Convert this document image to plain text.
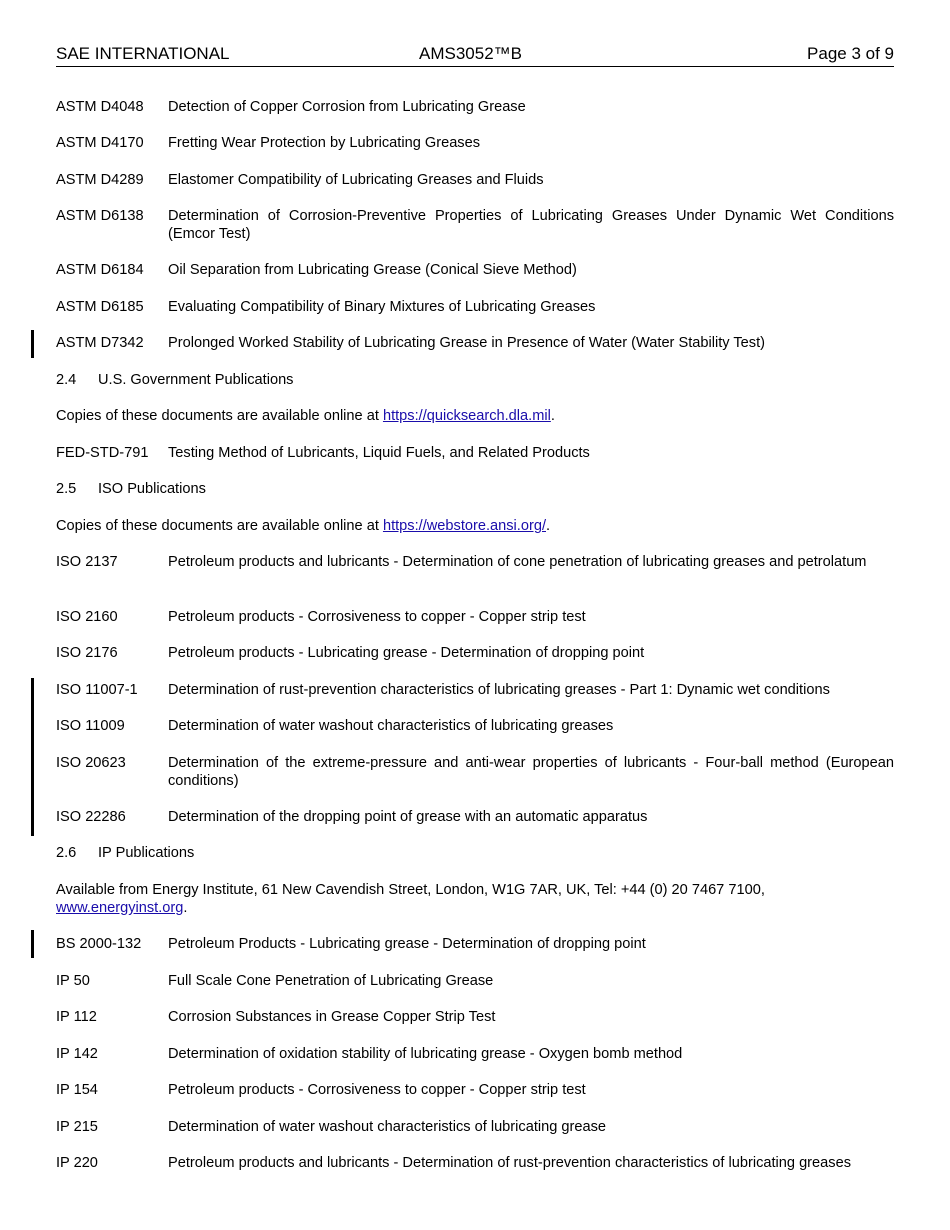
SAE INTERNATIONAL	AMS3052™B	Page 3 of 9
ASTM D4048 Detection of Copper Corrosion from Lubricating Grease
ASTM D4170 Fretting Wear Protection by Lubricating Greases
ASTM D4289 Elastomer Compatibility of Lubricating Greases and Fluids
ASTM D6138 Determination of Corrosion-Preventive Properties of Lubricating Greases Under Dynamic Wet Conditions (Emcor Test)
ASTM D6184 Oil Separation from Lubricating Grease (Conical Sieve Method)
ASTM D6185 Evaluating Compatibility of Binary Mixtures of Lubricating Greases
ASTM D7342 Prolonged Worked Stability of Lubricating Grease in Presence of Water (Water Stability Test)
2.4 U.S. Government Publications
Copies of these documents are available online at https://quicksearch.dla.mil.
FED-STD-791 Testing Method of Lubricants, Liquid Fuels, and Related Products
2.5 ISO Publications
Copies of these documents are available online at https://webstore.ansi.org/.
ISO 2137	Petroleum products and lubricants - Determination of cone penetration of lubricating greases and petrolatum
ISO 2160	Petroleum products - Corrosiveness to copper - Copper strip test
ISO 2176	Petroleum products - Lubricating grease - Determination of dropping point
ISO 11007-1 Determination of rust-prevention characteristics of lubricating greases - Part 1: Dynamic wet conditions
ISO 11009	Determination of water washout characteristics of lubricating greases
ISO 20623	Determination of the extreme-pressure and anti-wear properties of lubricants - Four-ball method (European conditions)
ISO 22286	Determination of the dropping point of grease with an automatic apparatus
2.6 IP Publications
Available from Energy Institute, 61 New Cavendish Street, London, W1G 7AR, UK, Tel: +44 (0) 20 7467 7100,
www.energyinst.org.
BS 2000-132 Petroleum Products - Lubricating grease - Determination of dropping point
IP 50	Full Scale Cone Penetration of Lubricating Grease
IP 112	Corrosion Substances in Grease Copper Strip Test
IP 142	Determination of oxidation stability of lubricating grease - Oxygen bomb method
IP 154	Petroleum products - Corrosiveness to copper - Copper strip test
IP 215	Determination of water washout characteristics of lubricating grease
IP 220	Petroleum products and lubricants - Determination of rust-prevention characteristics of lubricating greases
